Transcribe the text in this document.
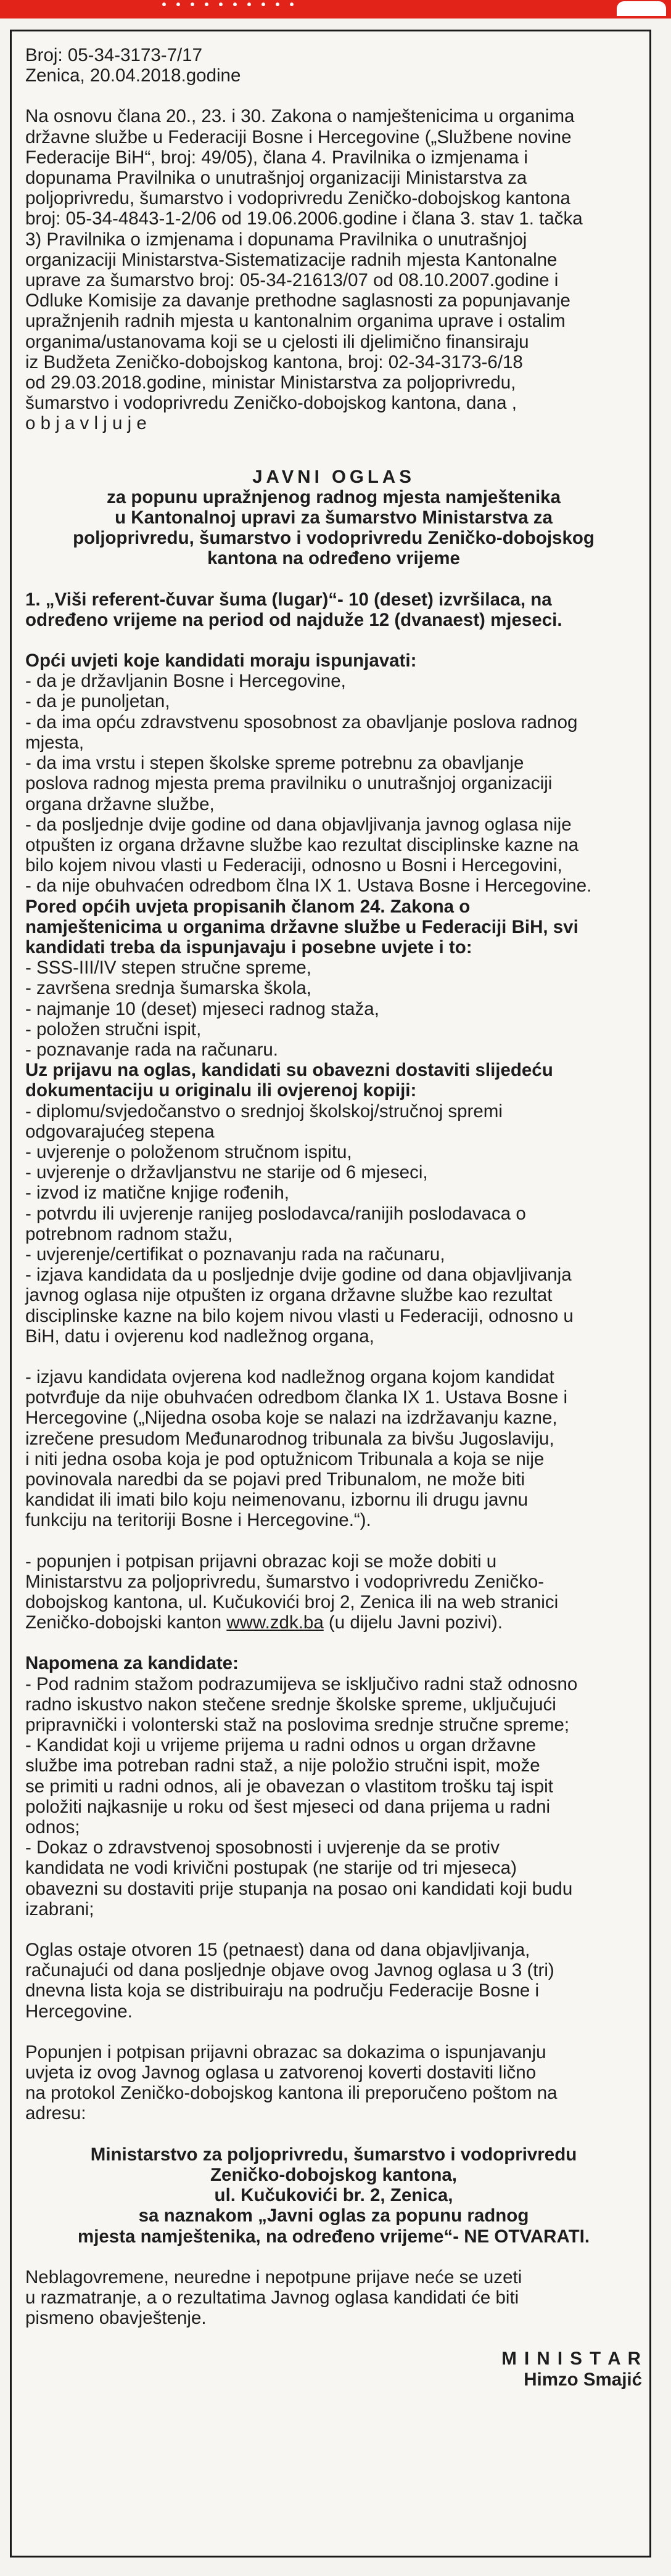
· · · · · · · · · ·

Broj: 05-34-3173-7/17

Zenica, 20.04.2018.godine

Na osnovu člana 20., 23. i 30. Zakona o namještenicima u organima
državne službe u Federaciji Bosne i Hercegovine („Službene novine
Federacije BiH“, broj: 49/05), člana 4. Pravilnika o izmjenama i
dopunama Pravilnika o unutrašnjoj organizaciji Ministarstva za
poljoprivredu, šumarstvo i vodoprivredu Zeničko-dobojskog kantona
broj: 05-34-4843-1-2/06 od 19.06.2006.godine i člana 3. stav 1. tačka
3) Pravilnika o izmjenama i dopunama Pravilnika o unutrašnjoj
organizaciji Ministarstva-Sistematizacije radnih mjesta Kantonalne
uprave za šumarstvo broj: 05-34-21613/07 od 08.10.2007.godine i
Odluke Komisije za davanje prethodne saglasnosti za popunjavanje
upražnjenih radnih mjesta u kantonalnim organima uprave i ostalim
organima/ustanovama koji se u cjelosti ili djelimično finansiraju
iz Budžeta Zeničko-dobojskog kantona, broj: 02-34-3173-6/18
od 29.03.2018.godine, ministar Ministarstva za poljoprivredu,
šumarstvo i vodoprivredu Zeničko-dobojskog kantona, dana ,

o b j a v l j u j e

JAVNI OGLAS

za popunu upražnjenog radnog mjesta namještenika
u Kantonalnoj upravi za šumarstvo Ministarstva za
poljoprivredu, šumarstvo i vodoprivredu Zeničko-dobojskog
kantona na određeno vrijeme

1. „Viši referent-čuvar šuma (lugar)“- 10 (deset) izvršilaca, na
određeno vrijeme na period od najduže 12 (dvanaest) mjeseci.

Opći uvjeti koje kandidati moraju ispunjavati:

- da je državljanin Bosne i Hercegovine,
- da je punoljetan,
- da ima opću zdravstvenu sposobnost za obavljanje poslova radnog
mjesta,
- da ima vrstu i stepen školske spreme potrebnu za obavljanje
poslova radnog mjesta prema pravilniku o unutrašnjoj organizaciji
organa državne službe,
- da posljednje dvije godine od dana objavljivanja javnog oglasa nije
otpušten iz organa državne službe kao rezultat disciplinske kazne na
bilo kojem nivou vlasti u Federaciji, odnosno u Bosni i Hercegovini,
- da nije obuhvaćen odredbom člna IX 1. Ustava Bosne i Hercegovine.

Pored općih uvjeta propisanih članom 24. Zakona o
namještenicima u organima državne službe u Federaciji BiH, svi
kandidati treba da ispunjavaju i posebne uvjete i to:

- SSS-III/IV stepen stručne spreme,
- završena srednja šumarska škola,
- najmanje 10 (deset) mjeseci radnog staža,
- položen stručni ispit,
- poznavanje rada na računaru.

Uz prijavu na oglas, kandidati su obavezni dostaviti slijedeću
dokumentaciju u originalu ili ovjerenoj kopiji:

- diplomu/svjedočanstvo o srednjoj školskoj/stručnoj spremi
odgovarajućeg stepena
- uvjerenje o položenom stručnom ispitu,
- uvjerenje o državljanstvu ne starije od 6 mjeseci,
- izvod iz matične knjige rođenih,
- potvrdu ili uvjerenje ranijeg poslodavca/ranijih poslodavaca o
potrebnom radnom stažu,
- uvjerenje/certifikat o poznavanju rada na računaru,
- izjava kandidata da u posljednje dvije godine od dana objavljivanja
javnog oglasa nije otpušten iz organa državne službe kao rezultat
disciplinske kazne na bilo kojem nivou vlasti u Federaciji, odnosno u
BiH, datu i ovjerenu kod nadležnog organa,

- izjavu kandidata ovjerena kod nadležnog organa kojom kandidat
potvrđuje da nije obuhvaćen odredbom članka IX 1. Ustava Bosne i
Hercegovine („Nijedna osoba koje se nalazi na izdržavanju kazne,
izrečene presudom Međunarodnog tribunala za bivšu Jugoslaviju,
i niti jedna osoba koja je pod optužnicom Tribunala a koja se nije
povinovala naredbi da se pojavi pred Tribunalom, ne može biti
kandidat ili imati bilo koju neimenovanu, izbornu ili drugu javnu
funkciju na teritoriji Bosne i Hercegovine.“).

- popunjen i potpisan prijavni obrazac koji se može dobiti u
Ministarstvu za poljoprivredu, šumarstvo i vodoprivredu Zeničko-
dobojskog kantona, ul. Kučukovići broj 2, Zenica ili na web stranici
Zeničko-dobojski kanton www.zdk.ba (u dijelu Javni pozivi).

Napomena za kandidate:

- Pod radnim stažom podrazumijeva se isključivo radni staž odnosno
radno iskustvo nakon stečene srednje školske spreme, uključujući
pripravnički i volonterski staž na poslovima srednje stručne spreme;
- Kandidat koji u vrijeme prijema u radni odnos u organ državne
službe ima potreban radni staž, a nije položio stručni ispit, može
se primiti u radni odnos, ali je obavezan o vlastitom trošku taj ispit
položiti najkasnije u roku od šest mjeseci od dana prijema u radni
odnos;
- Dokaz o zdravstvenoj sposobnosti i uvjerenje da se protiv
kandidata ne vodi krivični postupak (ne starije od tri mjeseca)
obavezni su dostaviti prije stupanja na posao oni kandidati koji budu
izabrani;

Oglas ostaje otvoren 15 (petnaest) dana od dana objavljivanja,
računajući od dana posljednje objave ovog Javnog oglasa u 3 (tri)
dnevna lista koja se distribuiraju na području Federacije Bosne i
Hercegovine.

Popunjen i potpisan prijavni obrazac sa dokazima o ispunjavanju
uvjeta iz ovog Javnog oglasa u zatvorenoj koverti dostaviti lično
na protokol Zeničko-dobojskog kantona ili preporučeno poštom na
adresu:

Ministarstvo za poljoprivredu, šumarstvo i vodoprivredu
Zeničko-dobojskog kantona,
ul. Kučukovići br. 2, Zenica,
sa naznakom „Javni oglas za popunu radnog
mjesta namještenika, na određeno vrijeme“- NE OTVARATI.

Neblagovremene, neuredne i nepotpune prijave neće se uzeti
u razmatranje, a o rezultatima Javnog oglasa kandidati će biti
pismeno obavještenje.

M I N I S T A R

Himzo Smajić
